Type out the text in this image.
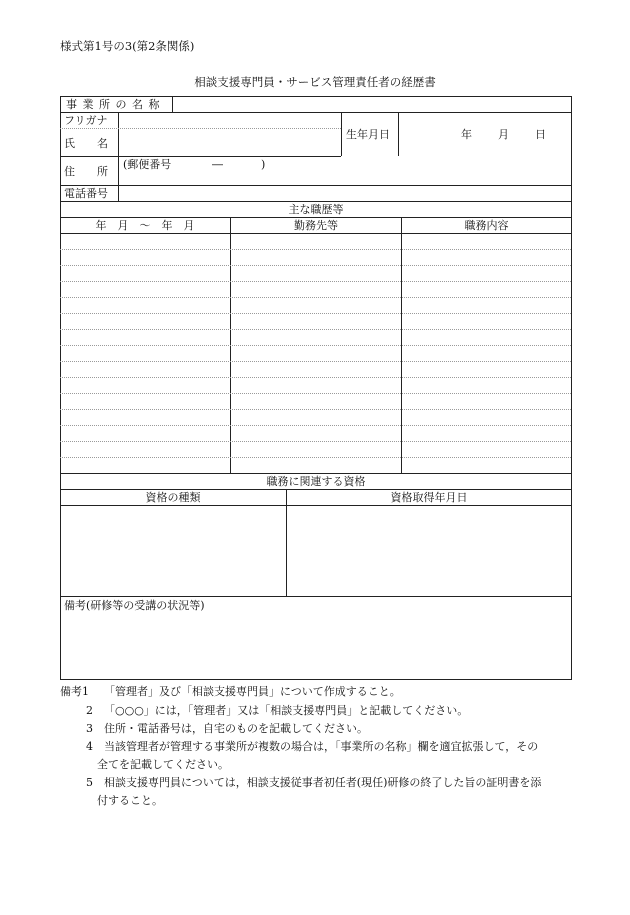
様式第1号の3(第2条関係)
相談支援専門員・サービス管理責任者の経歴書
事 業 所 の 名 称
フリガナ
氏　　名
生年月日	年 月 日
住　　所
(郵便番号	―	)
電話番号
主な職歴等
年　月　～　年　月	勤務先等	職務内容
職務に関連する資格
資格の種類	資格取得年月日
備考(研修等の受講の状況等)
備考1 「管理者」及び「相談支援専門員」について作成すること。
2 「○○○」には，「管理者」又は「相談支援専門員」と記載してください。
3 住所・電話番号は，自宅のものを記載してください。
4 当該管理者が管理する事業所が複数の場合は，「事業所の名称」欄を適宜拡張して，その
全てを記載してください。
5 相談支援専門員については，相談支援従事者初任者(現任)研修の終了した旨の証明書を添
付すること。
